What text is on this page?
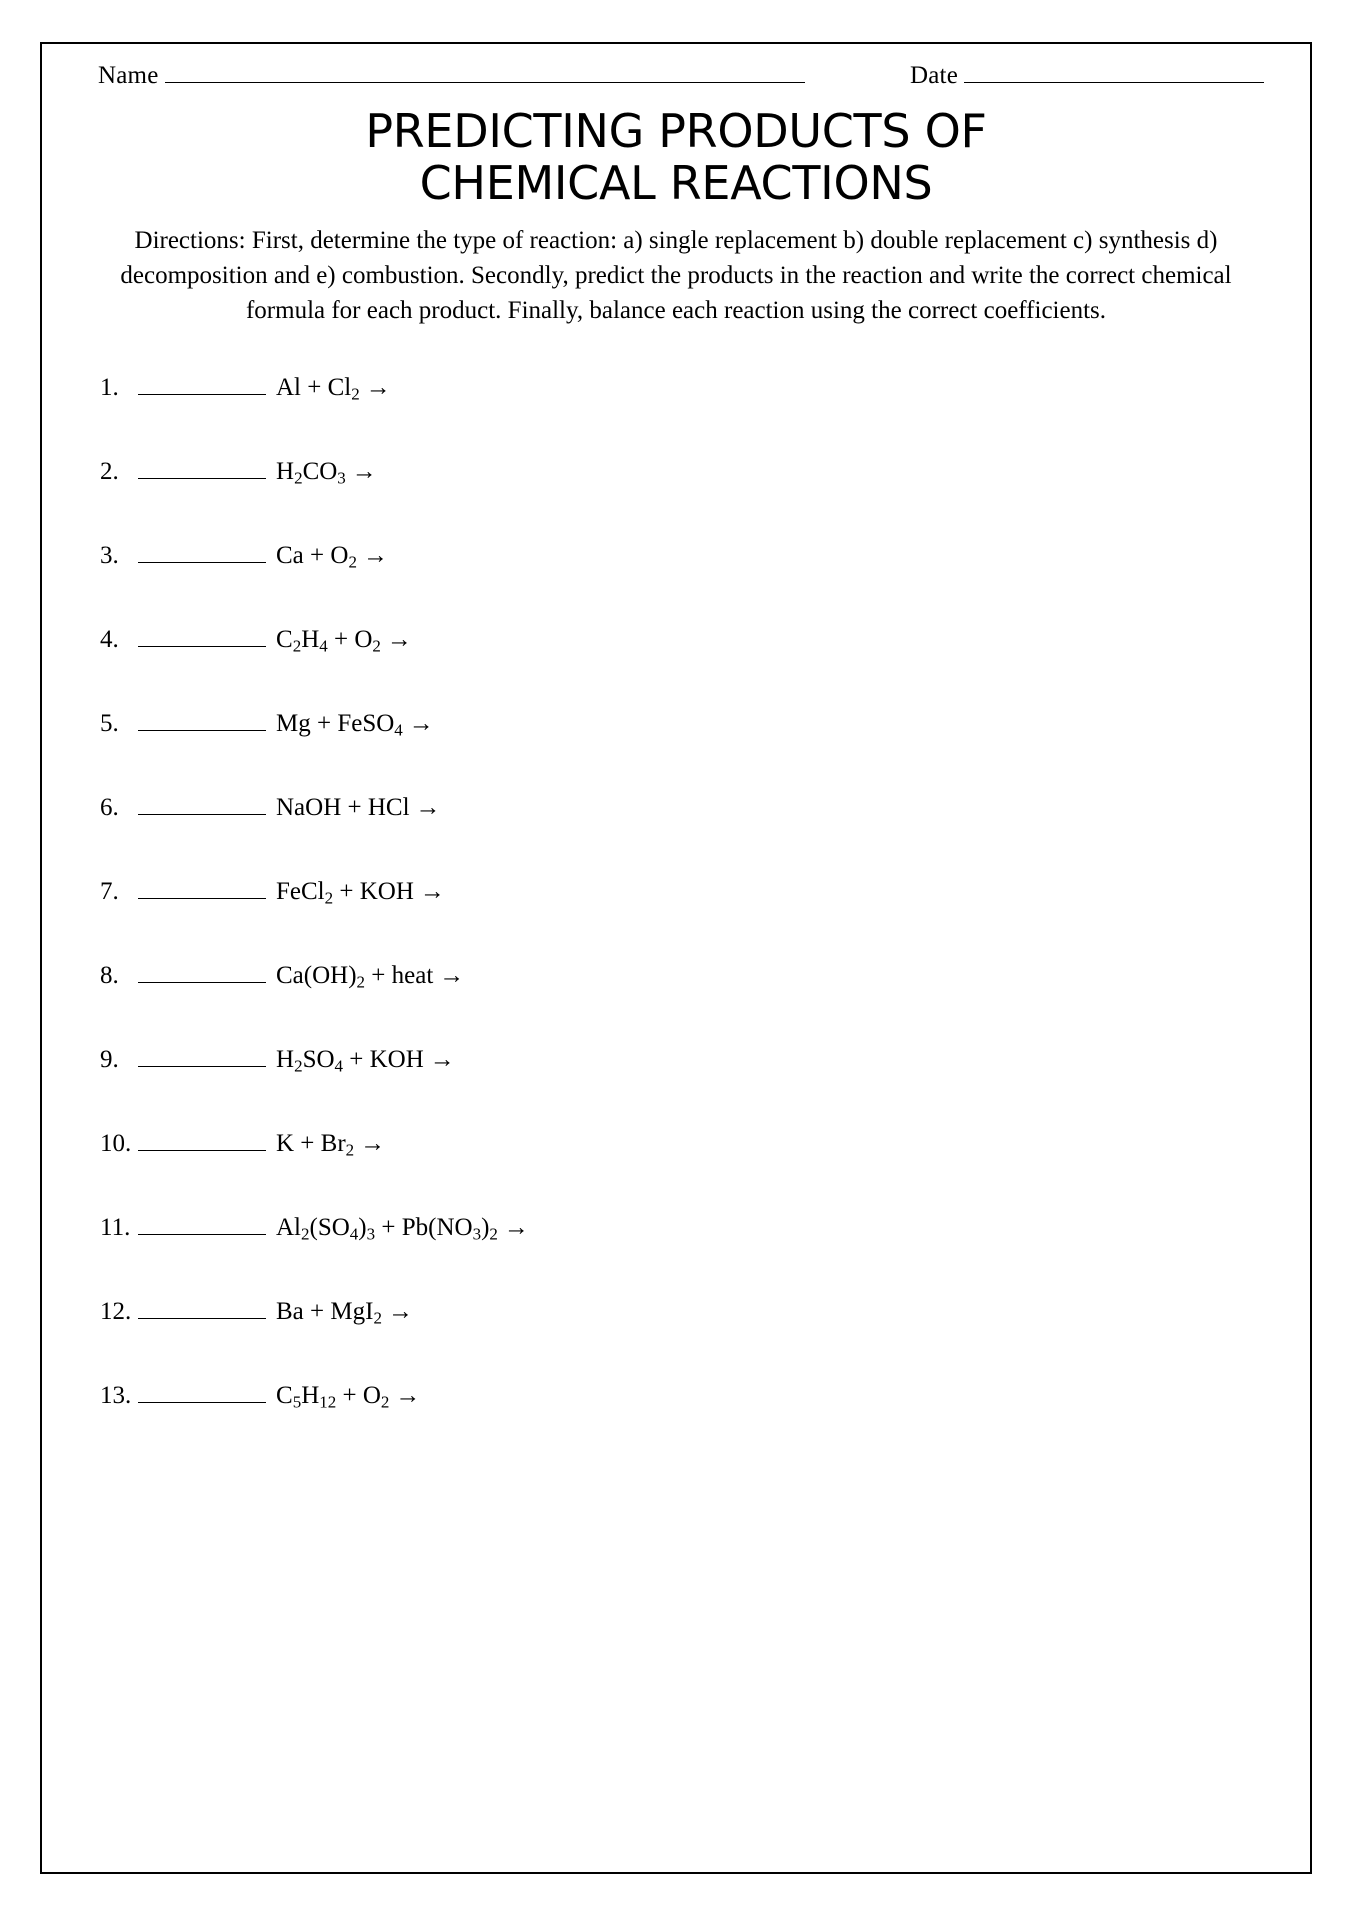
Name	Date
PREDICTING PRODUCTS OF
CHEMICAL REACTIONS
Directions: First, determine the type of reaction: a) single replacement b) double replacement c) synthesis d) decomposition and e) combustion. Secondly, predict the products in the reaction and write the correct chemical formula for each product. Finally, balance each reaction using the correct coefficients.
1.	$Al + Cl_2$ →
2.	$H_2CO_3$ →
3.	$Ca + O_2$ →
4.	$C_2H_4 + O_2$ →
5.	Mg + FeSO$_4$ →
6.	NaOH + HCl →
7.	FeCl$_2$ + KOH →
8.	$Ca(OH)_2$ + heat →
9.	$H_2SO_4$ + KOH →
10.	$K + Br_2$ →
11.	$Al_2(SO_4)_3 + Pb(NO_3)_2$ →
12.	Ba + MgI$_2$ →
13.	$C_5H_{12} + O_2$ →
